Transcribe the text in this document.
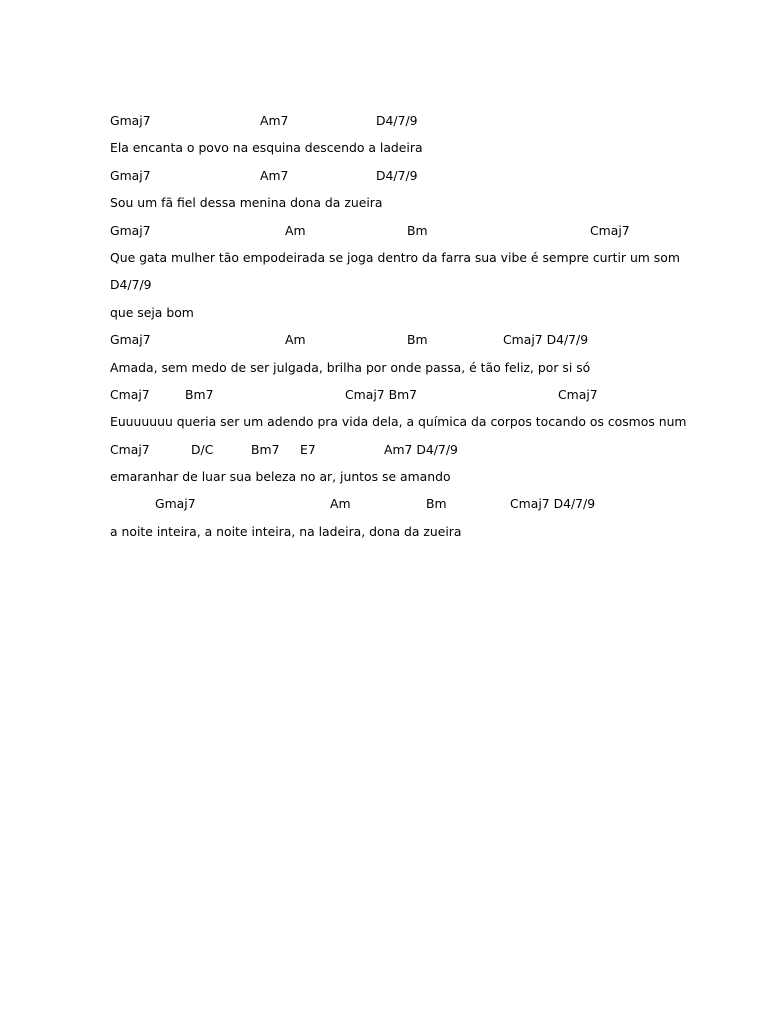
Gmaj7	Am7	D4/7/9
Ela encanta o povo na esquina descendo a ladeira
Gmaj7	Am7	D4/7/9
Sou um fã fiel dessa menina dona da zueira
Gmaj7	Am	Bm	Cmaj7
Que gata mulher tão empodeirada se joga dentro da farra sua vibe é sempre curtir um som
D4/7/9
que seja bom
Gmaj7	Am	Bm	Cmaj7 D4/7/9
Amada, sem medo de ser julgada, brilha por onde passa, é tão feliz, por si só
Cmaj7	Bm7	Cmaj7 Bm7	Cmaj7
Euuuuuuu queria ser um adendo pra vida dela, a química da corpos tocando os cosmos num
Cmaj7	D/C	Bm7 E7	Am7 D4/7/9
emaranhar de luar sua beleza no ar, juntos se amando
Gmaj7	Am	Bm	Cmaj7 D4/7/9
a noite inteira, a noite inteira, na ladeira, dona da zueira
